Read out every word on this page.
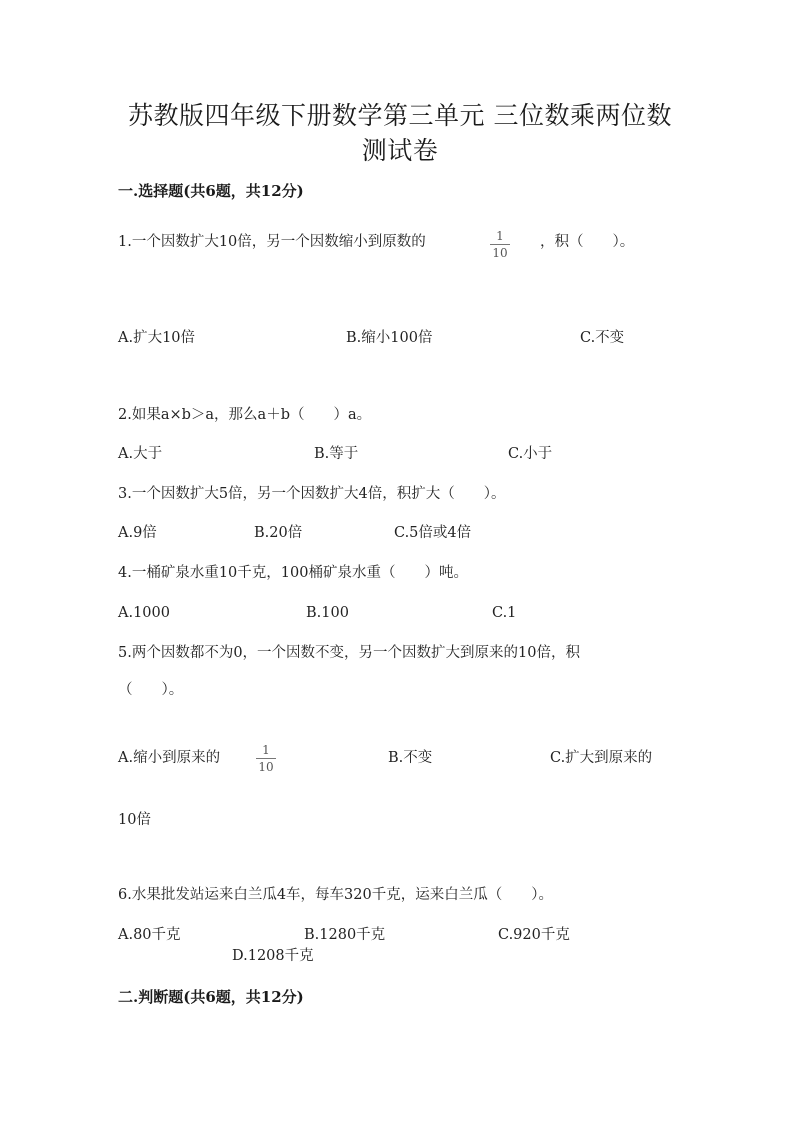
苏教版四年级下册数学第三单元 三位数乘两位数
测试卷
一.选择题(共6题，共12分)
1.一个因数扩大10倍，另一个因数缩小到原数的	1
10
，积（　　）。
A.扩大10倍	B.缩小100倍	C.不变
2.如果a×b＞a，那么a＋b（　　）a。
A.大于	B.等于	C.小于
3.一个因数扩大5倍，另一个因数扩大4倍，积扩大（　　）。
A.9倍	B.20倍	C.5倍或4倍
4.一桶矿泉水重10千克，100桶矿泉水重（　　）吨。
A.1000	B.100	C.1
5.两个因数都不为0，一个因数不变，另一个因数扩大到原来的10倍，积
（　　）。
A.缩小到原来的	1
10
B.不变	C.扩大到原来的
10倍
6.水果批发站运来白兰瓜4车，每车320千克，运来白兰瓜（　　）。
A.80千克	B.1280千克	C.920千克
D.1208千克
二.判断题(共6题，共12分)
